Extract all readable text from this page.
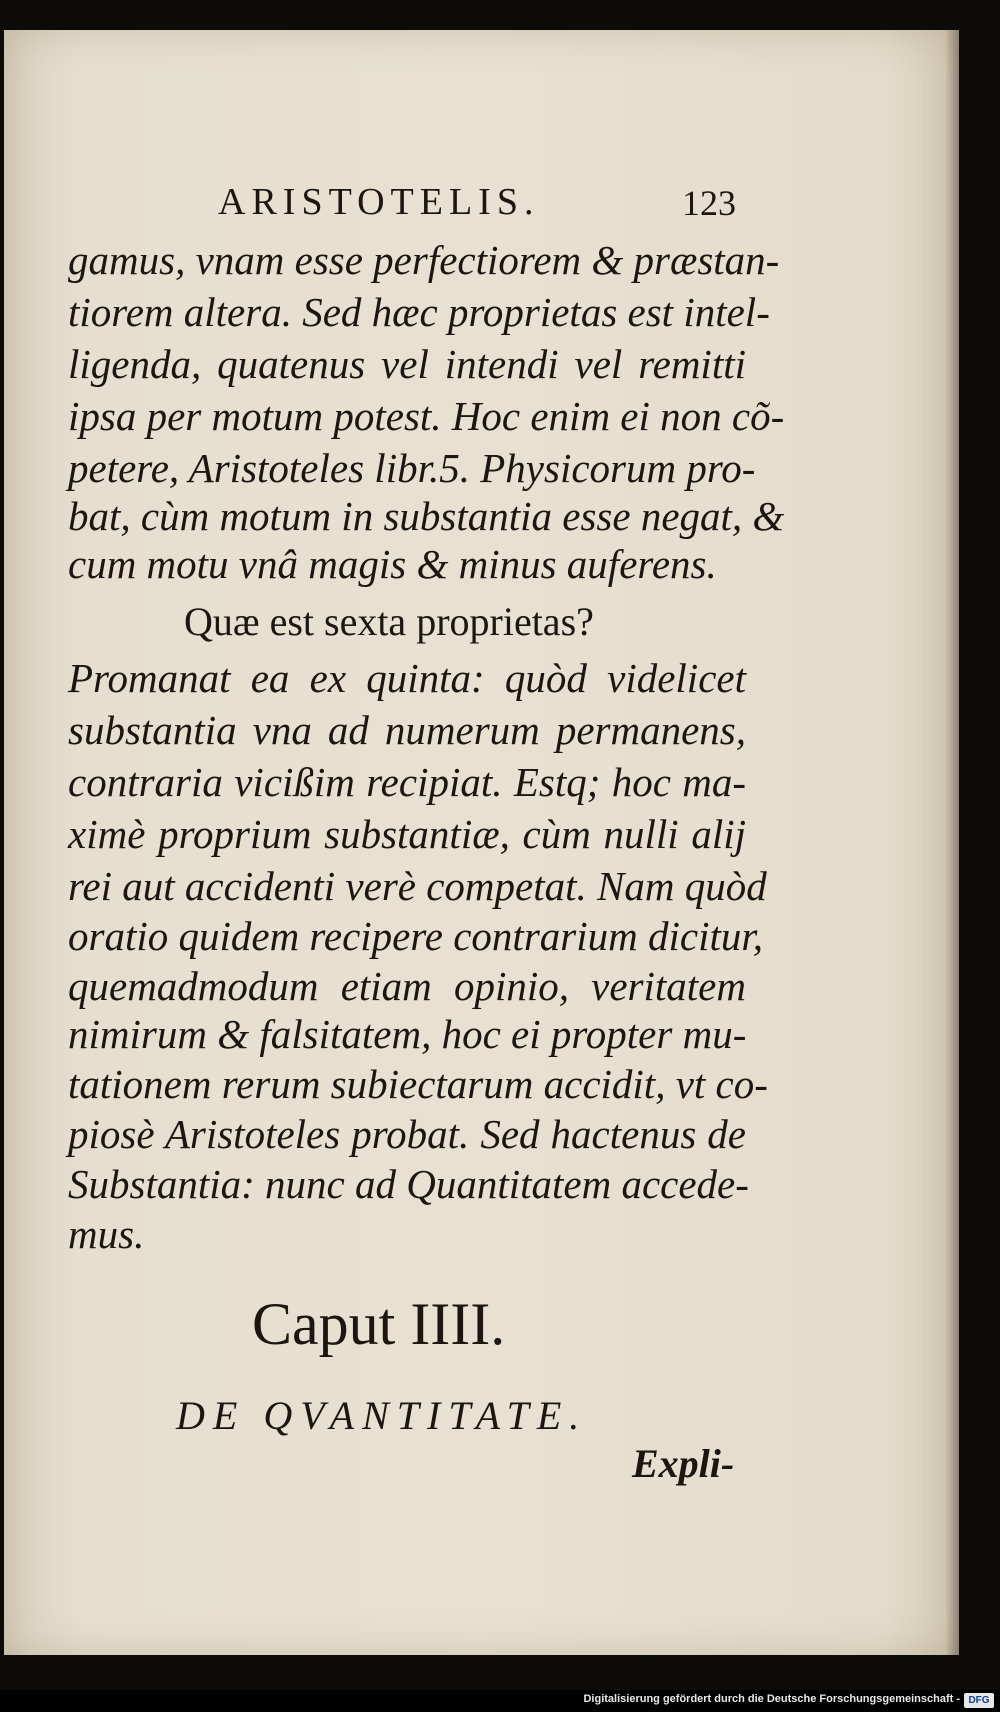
ARISTOTELIS.	123
gamus, vnam esse perfectiorem & præstan-
tiorem altera. Sed hæc proprietas est intel-
ligenda, quatenus vel intendi vel remitti
ipsa per motum potest. Hoc enim ei non cõ-
petere, Aristoteles libr.5. Physicorum pro-
bat, cùm motum in substantia esse negat, &
cum motu vnâ magis & minus auferens.
Quæ est sexta proprietas?
Promanat ea ex quinta: quòd videlicet
substantia vna ad numerum permanens,
contraria vicißim recipiat. Estq; hoc ma-
ximè proprium substantiæ, cùm nulli alij
rei aut accidenti verè competat. Nam quòd
oratio quidem recipere contrarium dicitur,
quemadmodum etiam opinio, veritatem
nimirum & falsitatem, hoc ei propter mu-
tationem rerum subiectarum accidit, vt co-
piosè Aristoteles probat. Sed hactenus de
Substantia: nunc ad Quantitatem accede-
mus.
Caput IIII.
DE QVANTITATE.
Expli-
Digitalisierung gefördert durch die Deutsche Forschungsgemeinschaft - DFG
